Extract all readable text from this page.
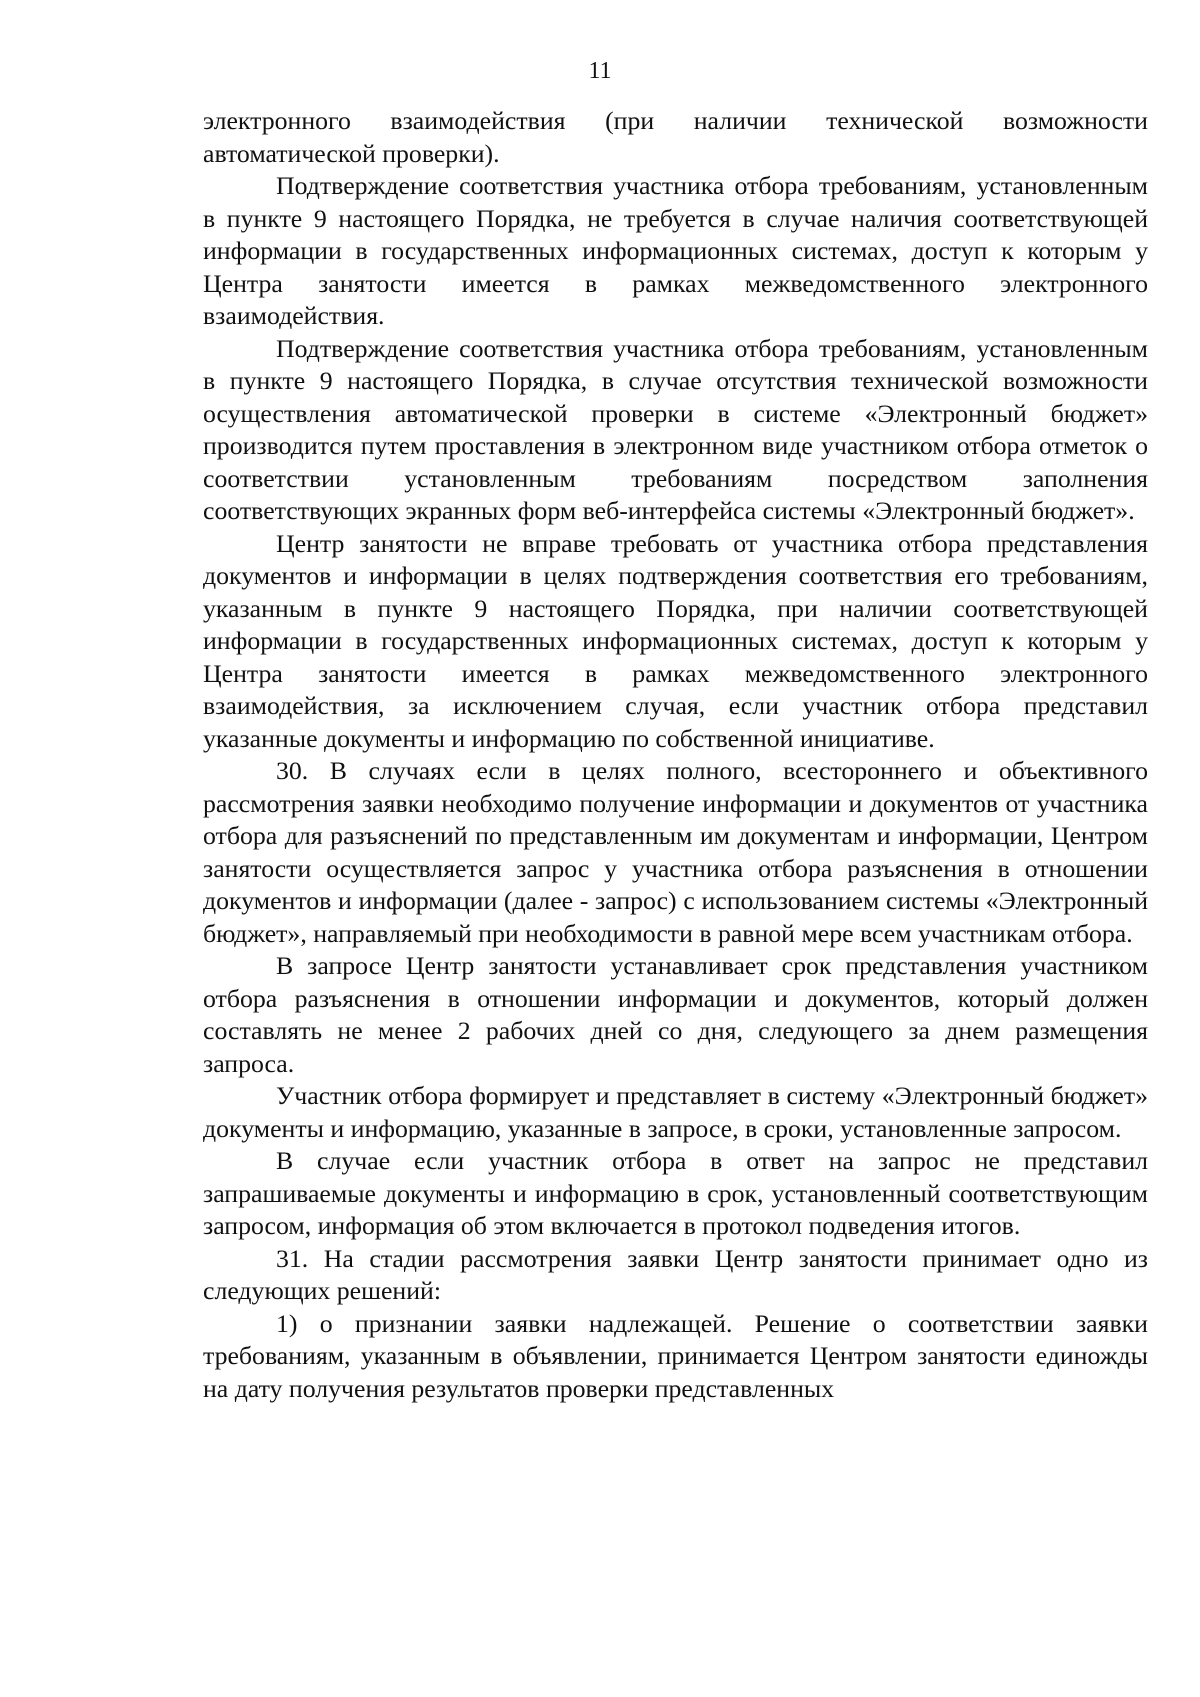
11

электронного взаимодействия (при наличии технической возможности автоматической проверки).

Подтверждение соответствия участника отбора требованиям, установленным в пункте 9 настоящего Порядка, не требуется в случае наличия соответствующей информации в государственных информационных системах, доступ к которым у Центра занятости имеется в рамках межведомственного электронного взаимодействия.

Подтверждение соответствия участника отбора требованиям, установленным в пункте 9 настоящего Порядка, в случае отсутствия технической возможности осуществления автоматической проверки в системе «Электронный бюджет» производится путем проставления в электронном виде участником отбора отметок о соответствии установленным требованиям посредством заполнения соответствующих экранных форм веб-интерфейса системы «Электронный бюджет».

Центр занятости не вправе требовать от участника отбора представления документов и информации в целях подтверждения соответствия его требованиям, указанным в пункте 9 настоящего Порядка, при наличии соответствующей информации в государственных информационных системах, доступ к которым у Центра занятости имеется в рамках межведомственного электронного взаимодействия, за исключением случая, если участник отбора представил указанные документы и информацию по собственной инициативе.

30. В случаях если в целях полного, всестороннего и объективного рассмотрения заявки необходимо получение информации и документов от участника отбора для разъяснений по представленным им документам и информации, Центром занятости осуществляется запрос у участника отбора разъяснения в отношении документов и информации (далее - запрос) с использованием системы «Электронный бюджет», направляемый при необходимости в равной мере всем участникам отбора.

В запросе Центр занятости устанавливает срок представления участником отбора разъяснения в отношении информации и документов, который должен составлять не менее 2 рабочих дней со дня, следующего за днем размещения запроса.

Участник отбора формирует и представляет в систему «Электронный бюджет» документы и информацию, указанные в запросе, в сроки, установленные запросом.

В случае если участник отбора в ответ на запрос не представил запрашиваемые документы и информацию в срок, установленный соответствующим запросом, информация об этом включается в протокол подведения итогов.

31. На стадии рассмотрения заявки Центр занятости принимает одно из следующих решений:

1) о признании заявки надлежащей. Решение о соответствии заявки требованиям, указанным в объявлении, принимается Центром занятости единожды на дату получения результатов проверки представленных
